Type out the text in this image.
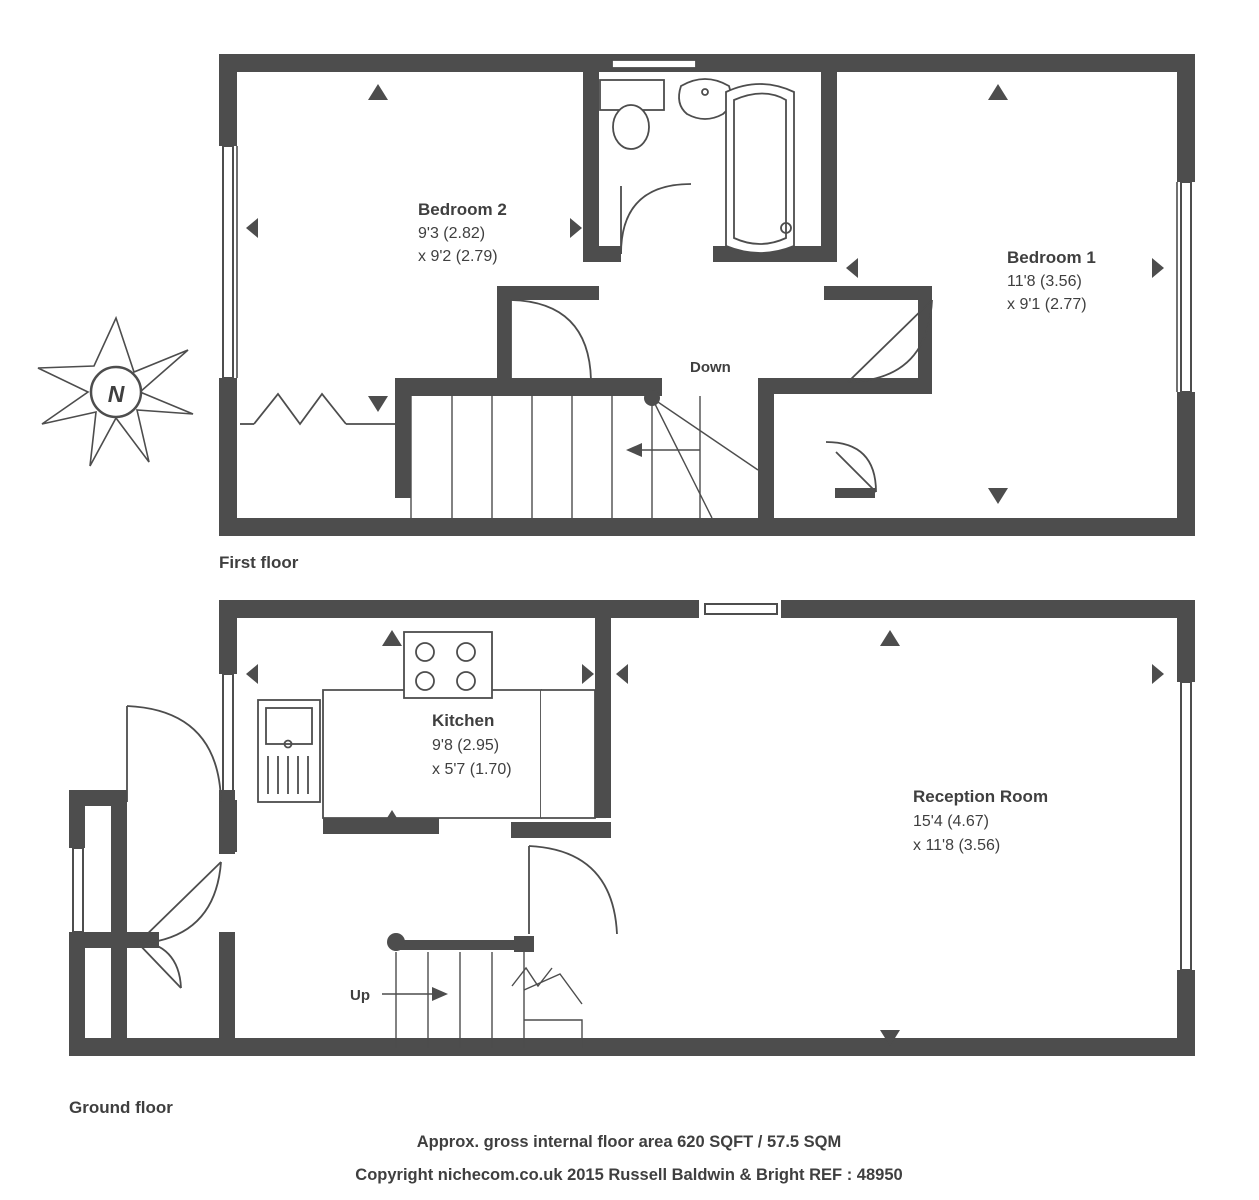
Bedroom 2
9'3 (2.82)
x 9'2 (2.79)	Bedroom 1
11'8 (3.56)
x 9'1 (2.77)
Down
First floor
N
Kitchen
9'8 (2.95)
x 5'7 (1.70)
Reception Room
15'4 (4.67)
x 11'8 (3.56)
Up
Ground floor
Approx. gross internal floor area 620 SQFT / 57.5 SQM
Copyright nichecom.co.uk 2015 Russell Baldwin & Bright REF : 48950
